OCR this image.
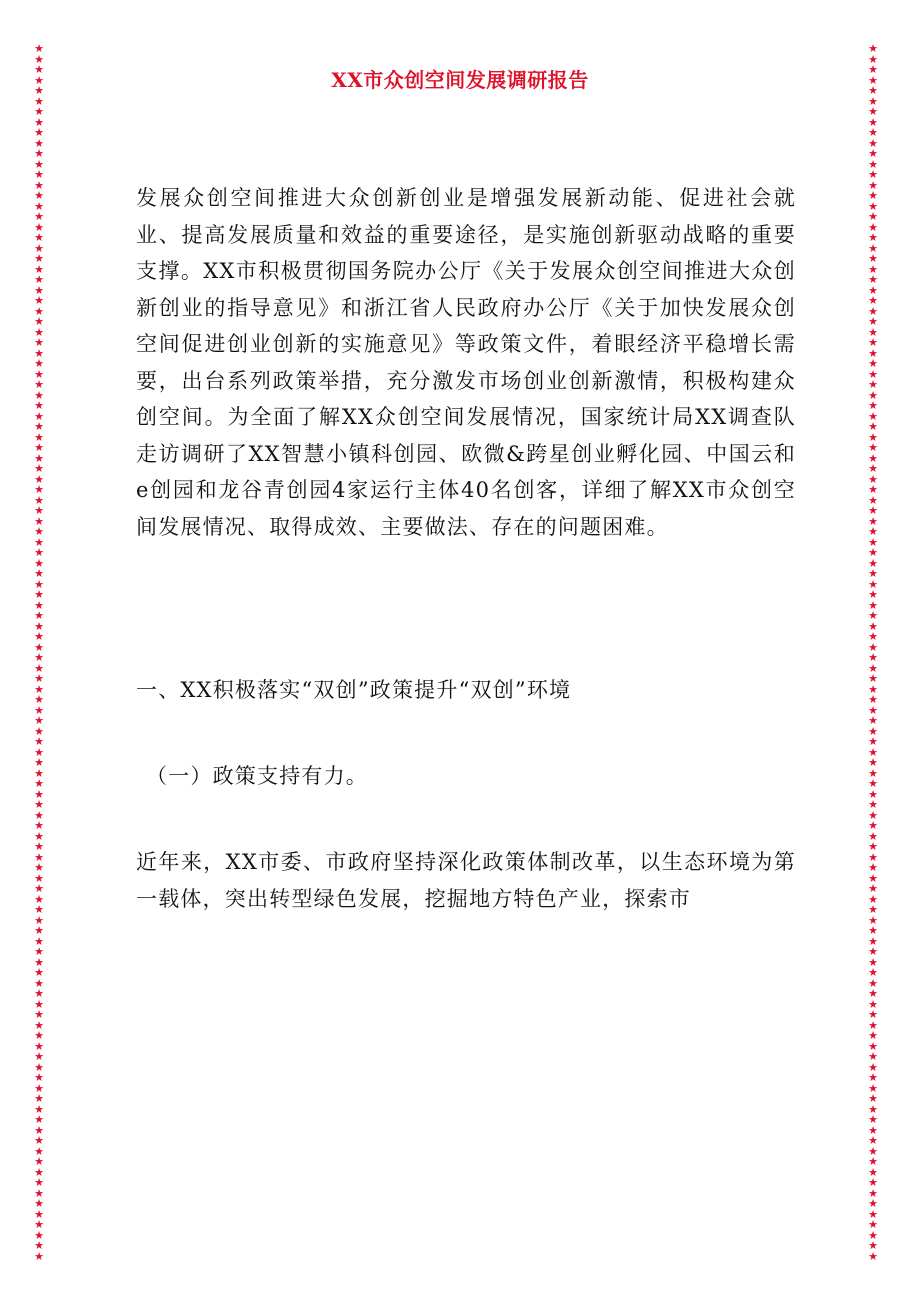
★★★★★★★★★★★★★★★★★★★★★★★★★★★★★★★★★★★★★★★★★★★★★★★★★★★★★★★★★★★★★★★★★★★★★★★★★★★★★★★★★★★★★★★★★★★★★★★★★★★★★★★★★★★★★★★★★★★★
★★★★★★★★★★★★★★★★★★★★★★★★★★★★★★★★★★★★★★★★★★★★★★★★★★★★★★★★★★★★★★★★★★★★★★★★★★★★★★★★★★★★★★★★★★★★★★★★★★★★★★★★★★★★★★★★★★★★
XX市众创空间发展调研报告

发展众创空间推进大众创新创业是增强发展新动能、促进社会就业、提高发展质量和效益的重要途径，是实施创新驱动战略的重要支撑。XX市积极贯彻国务院办公厅《关于发展众创空间推进大众创新创业的指导意见》和浙江省人民政府办公厅《关于加快发展众创空间促进创业创新的实施意见》等政策文件，着眼经济平稳增长需要，出台系列政策举措，充分激发市场创业创新激情，积极构建众创空间。为全面了解XX众创空间发展情况，国家统计局XX调查队走访调研了XX智慧小镇科创园、欧微&跨星创业孵化园、中国云和e创园和龙谷青创园4家运行主体40名创客，详细了解XX市众创空间发展情况、取得成效、主要做法、存在的问题困难。

一、XX积极落实“双创”政策提升“双创”环境

（一）政策支持有力。

近年来，XX市委、市政府坚持深化政策体制改革，以生态环境为第一载体，突出转型绿色发展，挖掘地方特色产业，探索市
